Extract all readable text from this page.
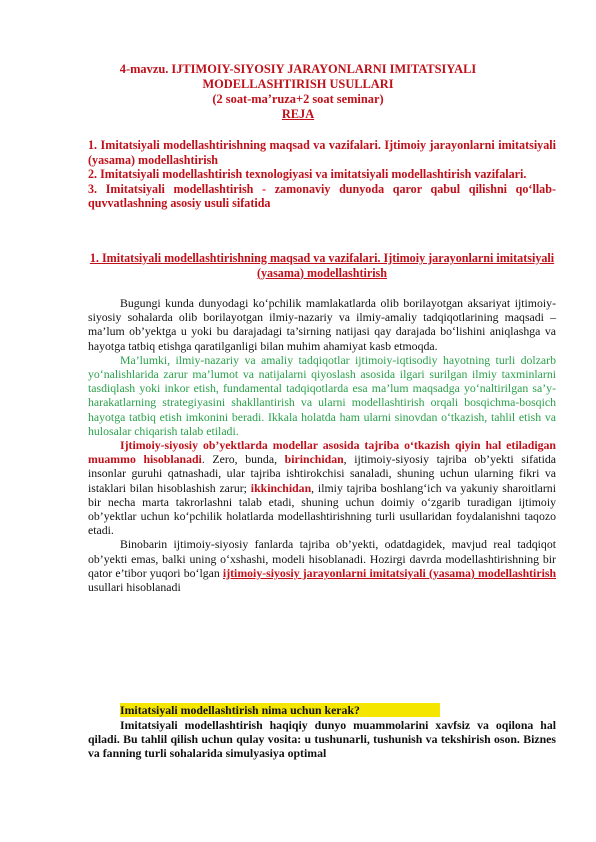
4-mavzu. IJTIMOIY-SIYOSIY JARAYONLARNI IMITATSIYALI
MODELLASHTIRISH USULLARI
(2 soat-ma’ruza+2 soat seminar)
REJA

1. Imitatsiyali modellashtirishning maqsad va vazifalari. Ijtimoiy jarayonlarni imitatsiyali (yasama) modellashtirish

2. Imitatsiyali modellashtirish texnologiyasi va imitatsiyali modellashtirish vazifalari.

3. Imitatsiyali modellashtirish - zamonaviy dunyoda qaror qabul qilishni qo‘llab-quvvatlashning asosiy usuli sifatida

1. Imitatsiyali modellashtirishning maqsad va vazifalari. Ijtimoiy jarayonlarni imitatsiyali (yasama) modellashtirish

Bugungi kunda dunyodagi ko‘pchilik mamlakatlarda olib borilayotgan aksariyat ijtimoiy-siyosiy sohalarda olib borilayotgan ilmiy-nazariy va ilmiy-amaliy tadqiqotlarining maqsadi – ma’lum ob’yektga u yoki bu darajadagi ta’sirning natijasi qay darajada bo‘lishini aniqlashga va hayotga tatbiq etishga qaratilganligi bilan muhim ahamiyat kasb etmoqda.

Ma’lumki, ilmiy-nazariy va amaliy tadqiqotlar ijtimoiy-iqtisodiy hayotning turli dolzarb yo‘nalishlarida zarur ma’lumot va natijalarni qiyoslash asosida ilgari surilgan ilmiy taxminlarni tasdiqlash yoki inkor etish, fundamental tadqiqotlarda esa ma’lum maqsadga yo‘naltirilgan sa’y-harakatlarning strategiyasini shakllantirish va ularni modellashtirish orqali bosqichma-bosqich hayotga tatbiq etish imkonini beradi. Ikkala holatda ham ularni sinovdan o‘tkazish, tahlil etish va hulosalar chiqarish talab etiladi.

Ijtimoiy-siyosiy ob’yektlarda modellar asosida tajriba o‘tkazish qiyin hal etiladigan muammo hisoblanadi. Zero, bunda, birinchidan, ijtimoiy-siyosiy tajriba ob’yekti sifatida insonlar guruhi qatnashadi, ular tajriba ishtirokchisi sanaladi, shuning uchun ularning fikri va istaklari bilan hisoblashish zarur; ikkinchidan, ilmiy tajriba boshlang‘ich va yakuniy sharoitlarni bir necha marta takrorlashni talab etadi, shuning uchun doimiy o‘zgarib turadigan ijtimoiy ob’yektlar uchun ko‘pchilik holatlarda modellashtirishning turli usullaridan foydalanishni taqozo etadi.

Binobarin ijtimoiy-siyosiy fanlarda tajriba ob’yekti, odatdagidek, mavjud real tadqiqot ob’yekti emas, balki uning o‘xshashi, modeli hisoblanadi. Hozirgi davrda modellashtirishning bir qator e’tibor yuqori bo‘lgan ijtimoiy-siyosiy jarayonlarni imitatsiyali (yasama) modellashtirish usullari hisoblanadi

Imitatsiyali modellashtirish nima uchun kerak?

Imitatsiyali modellashtirish haqiqiy dunyo muammolarini xavfsiz va oqilona hal qiladi. Bu tahlil qilish uchun qulay vosita: u tushunarli, tushunish va tekshirish oson. Biznes va fanning turli sohalarida simulyasiya optimal
